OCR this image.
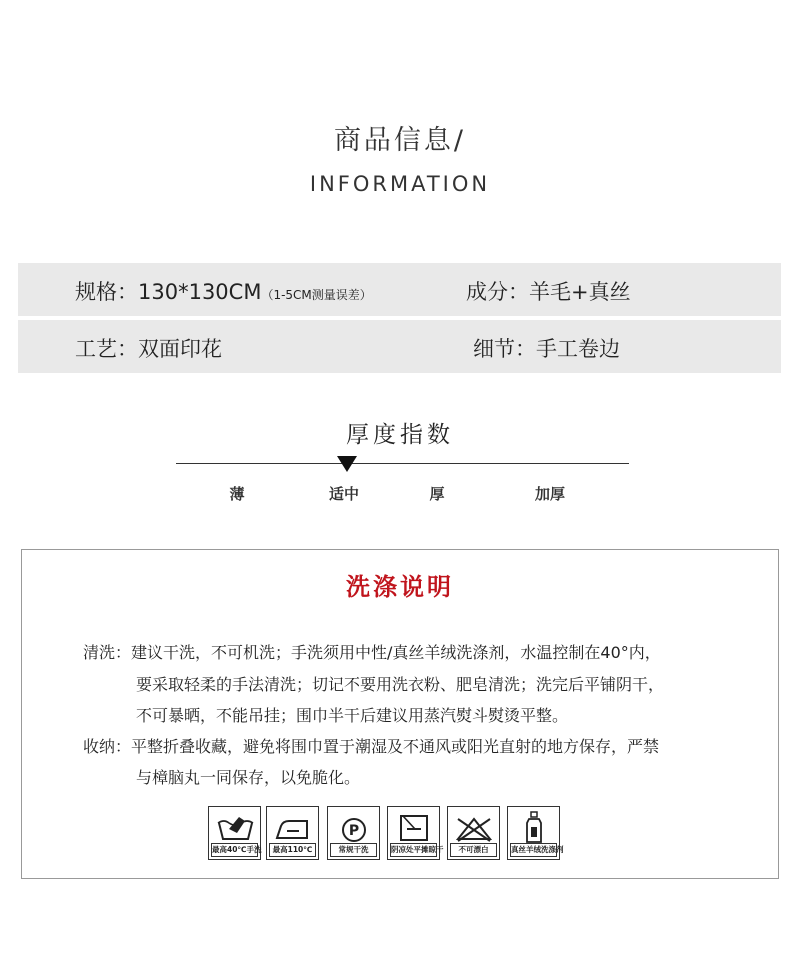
商品信息/
INFORMATION
规格：130*130CM（1-5CM测量误差）	成分：羊毛+真丝
工艺：双面印花	细节：手工卷边
厚度指数
薄	适中	厚	加厚
洗涤说明
清洗：建议干洗，不可机洗；手洗须用中性/真丝羊绒洗涤剂，水温控制在40°内，
要采取轻柔的手法清洗；切记不要用洗衣粉、肥皂清洗；洗完后平铺阴干，
不可暴晒，不能吊挂；围巾半干后建议用蒸汽熨斗熨烫平整。
收纳：平整折叠收藏，避免将围巾置于潮湿及不通风或阳光直射的地方保存，严禁
与樟脑丸一同保存，以免脆化。
最高40℃手洗	最高110℃
P
常规干洗	阴凉处平摊晾干	不可漂白	真丝羊绒洗涤剂
